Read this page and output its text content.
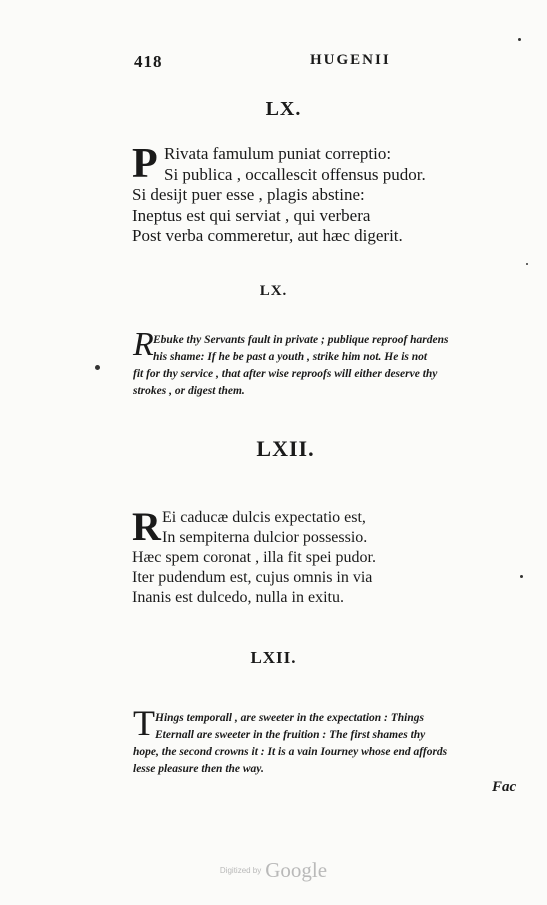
418	HUGENII
LX.
P Rivata famulum puniat correptio:
Si publica , occallescit offensus pudor.
Si desijt puer esse , plagis abstine:
Ineptus est qui serviat , qui verbera
Post verba commeretur, aut hæc digerit.
LX.
R Ebuke thy Servants fault in private ; publique reproof hardens
his shame: If he be past a youth , strike him not. He is not
fit for thy service , that after wise reproofs will either deserve thy
strokes , or digest them.
LXII.
R Ei caducæ dulcis expectatio est,
In sempiterna dulcior possessio.
Hæc spem coronat , illa fit spei pudor.
Iter pudendum est, cujus omnis in via
Inanis est dulcedo, nulla in exitu.
LXII.
T Hings temporall , are sweeter in the expectation : Things
Eternall are sweeter in the fruition : The first shames thy
hope, the second crowns it : It is a vain Iourney whose end affords
lesse pleasure then the way.
Fac
Digitized by Google
